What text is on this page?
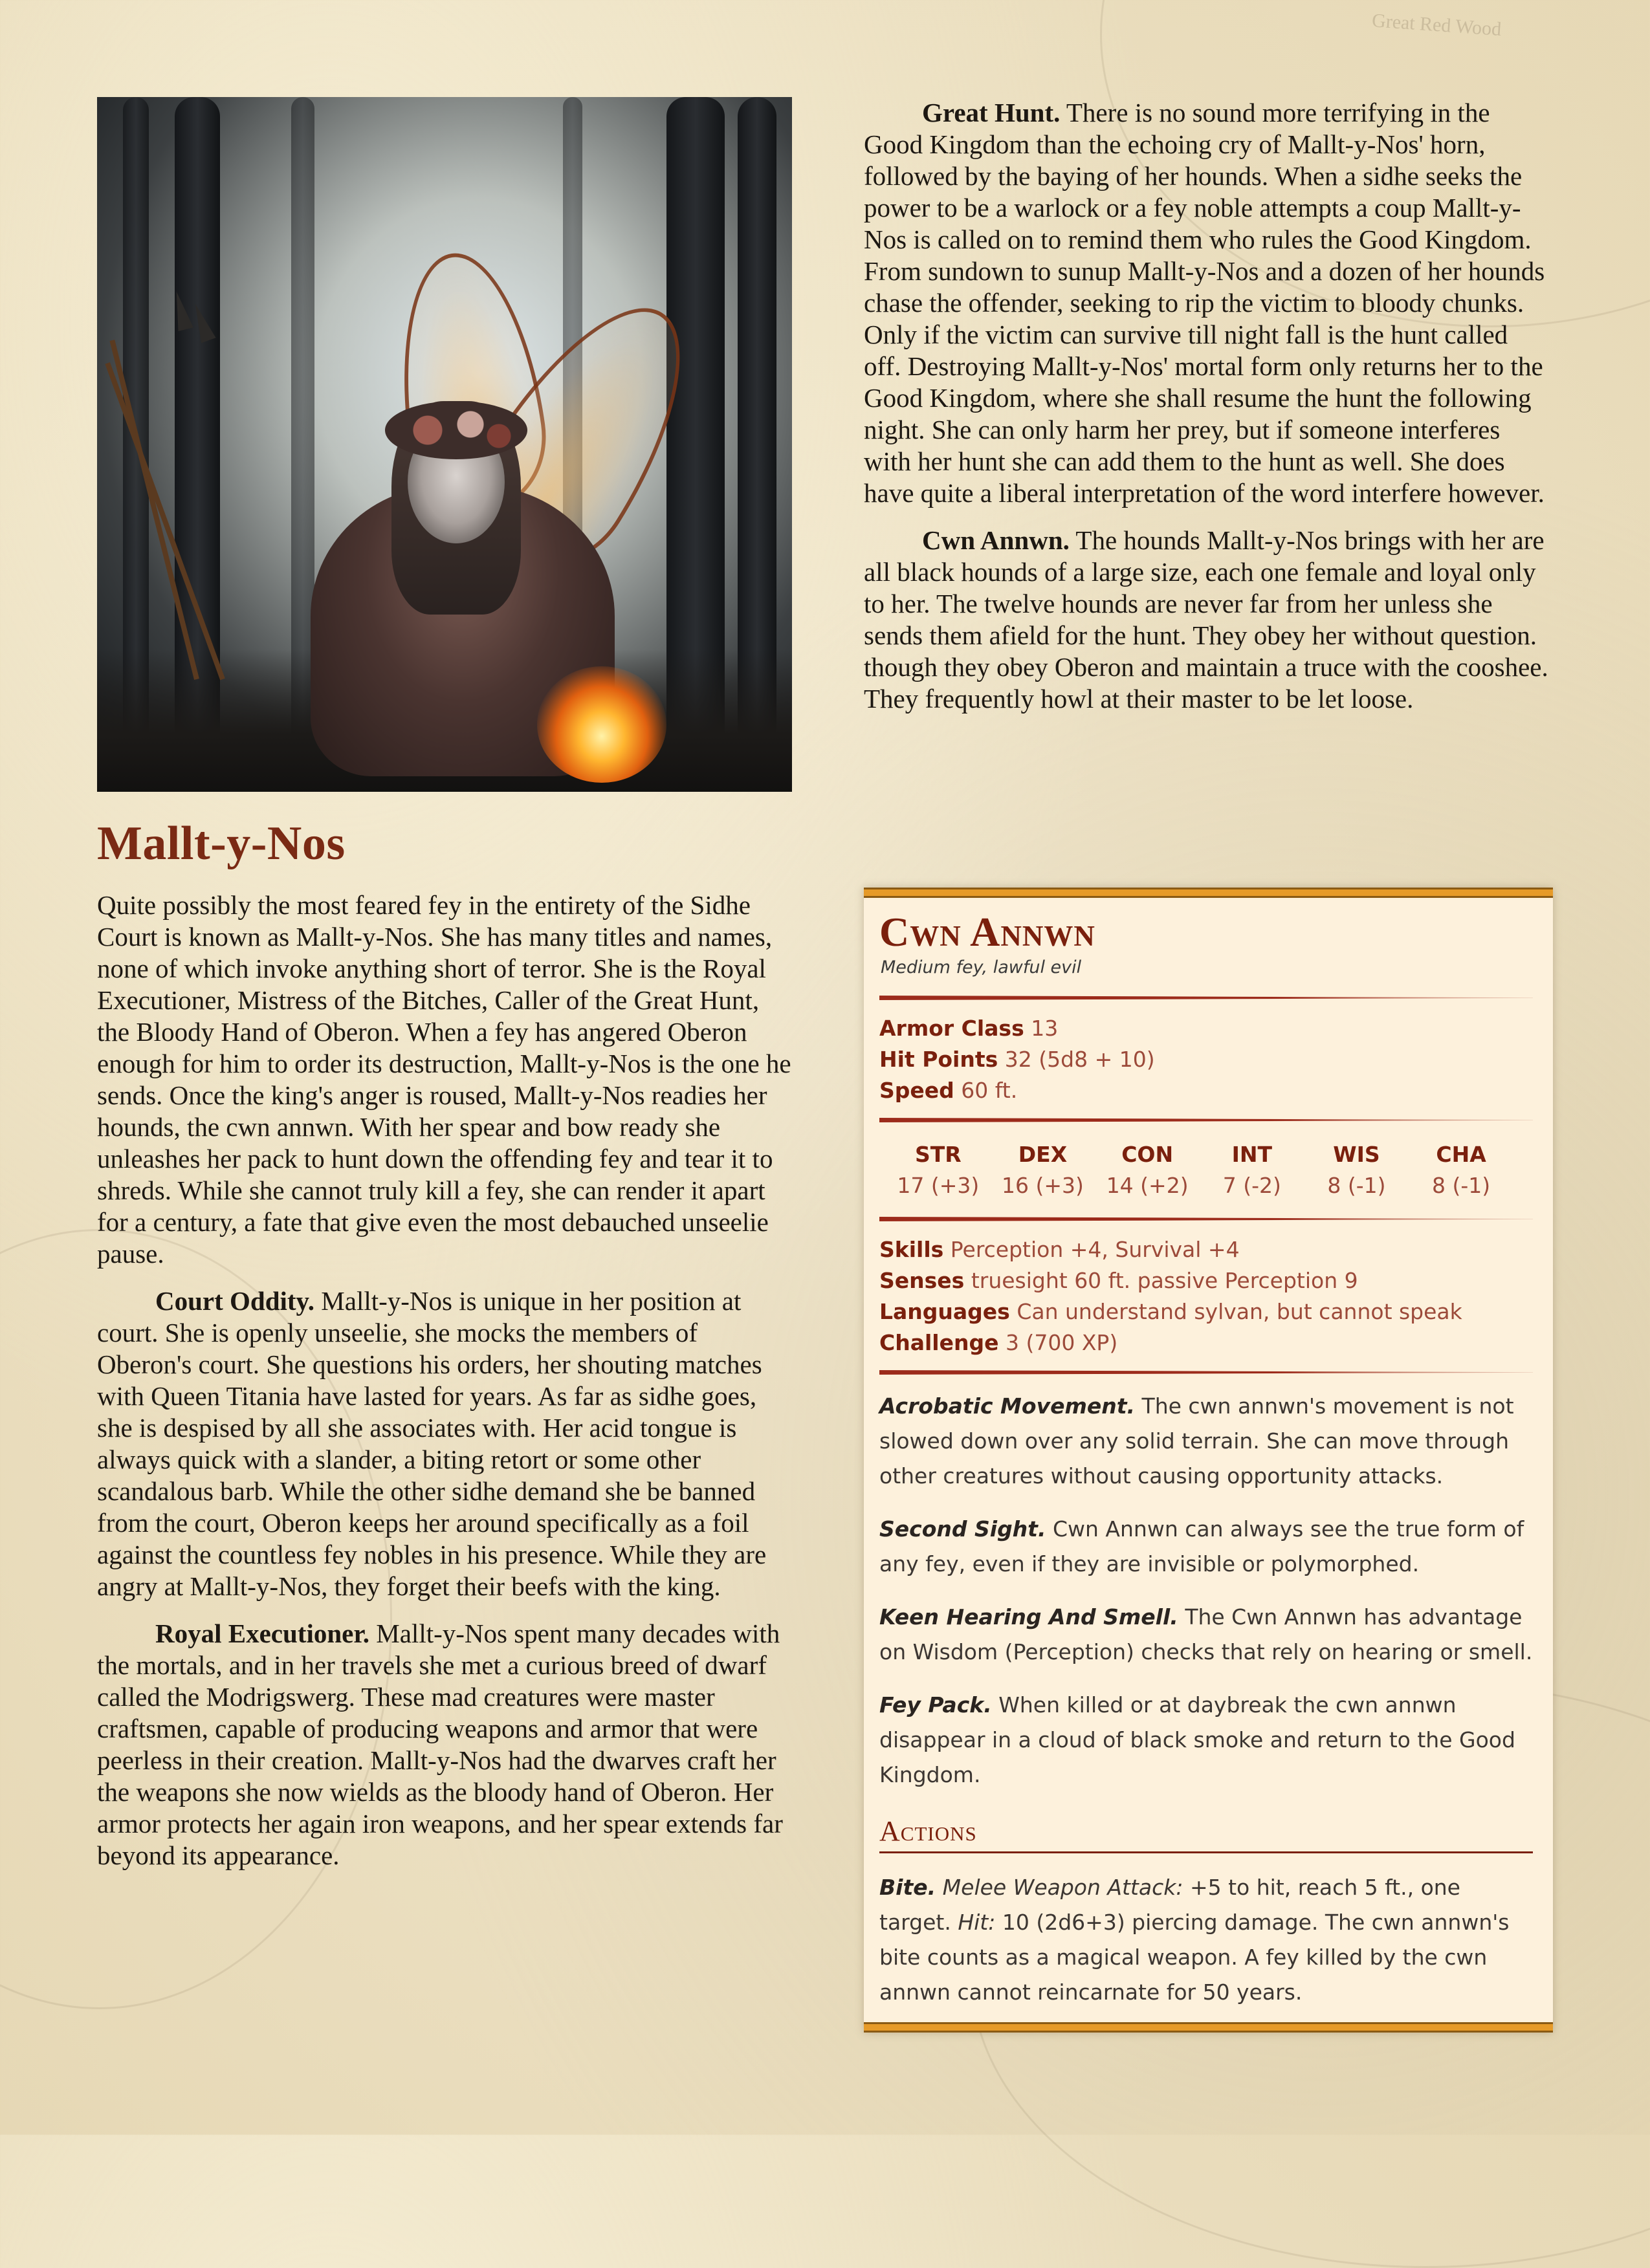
Mallt-y-Nos

Quite possibly the most feared fey in the entirety of the Sidhe Court is known as Mallt-y-Nos. She has many titles and names, none of which invoke anything short of terror. She is the Royal Executioner, Mistress of the Bitches, Caller of the Great Hunt, the Bloody Hand of Oberon. When a fey has angered Oberon enough for him to order its destruction, Mallt-y-Nos is the one he sends. Once the king's anger is roused, Mallt-y-Nos readies her hounds, the cwn annwn. With her spear and bow ready she unleashes her pack to hunt down the offending fey and tear it to shreds. While she cannot truly kill a fey, she can render it apart for a century, a fate that give even the most debauched unseelie pause.

Court Oddity. Mallt-y-Nos is unique in her position at court. She is openly unseelie, she mocks the members of Oberon's court. She questions his orders, her shouting matches with Queen Titania have lasted for years. As far as sidhe goes, she is despised by all she associates with. Her acid tongue is always quick with a slander, a biting retort or some other scandalous barb. While the other sidhe demand she be banned from the court, Oberon keeps her around specifically as a foil against the countless fey nobles in his presence. While they are angry at Mallt-y-Nos, they forget their beefs with the king.

Royal Executioner. Mallt-y-Nos spent many decades with the mortals, and in her travels she met a curious breed of dwarf called the Modrigswerg. These mad creatures were master craftsmen, capable of producing weapons and armor that were peerless in their creation. Mallt-y-Nos had the dwarves craft her the weapons she now wields as the bloody hand of Oberon. Her armor protects her again iron weapons, and her spear extends far beyond its appearance.

Great Hunt. There is no sound more terrifying in the Good Kingdom than the echoing cry of Mallt-y-Nos' horn, followed by the baying of her hounds. When a sidhe seeks the power to be a warlock or a fey noble attempts a coup Mallt-y-Nos is called on to remind them who rules the Good Kingdom. From sundown to sunup Mallt-y-Nos and a dozen of her hounds chase the offender, seeking to rip the victim to bloody chunks. Only if the victim can survive till night fall is the hunt called off. Destroying Mallt-y-Nos' mortal form only returns her to the Good Kingdom, where she shall resume the hunt the following night. She can only harm her prey, but if someone interferes with her hunt she can add them to the hunt as well. She does have quite a liberal interpretation of the word interfere however.

Cwn Annwn. The hounds Mallt-y-Nos brings with her are all black hounds of a large size, each one female and loyal only to her. The twelve hounds are never far from her unless she sends them afield for the hunt. They obey her without question. though they obey Oberon and maintain a truce with the cooshee. They frequently howl at their master to be let loose.

Cwn Annwn

Medium fey, lawful evil

Armor Class 13
Hit Points 32 (5d8 + 10)
Speed 60 ft.
STR
17 (+3)
DEX
16 (+3)
CON
14 (+2)
INT
7 (-2)
WIS
8 (-1)
CHA
8 (-1)
Skills Perception +4, Survival +4
Senses truesight 60 ft. passive Perception 9
Languages Can understand sylvan, but cannot speak
Challenge 3 (700 XP)

Acrobatic Movement. The cwn annwn's movement is not slowed down over any solid terrain. She can move through other creatures without causing opportunity attacks.

Second Sight. Cwn Annwn can always see the true form of any fey, even if they are invisible or polymorphed.

Keen Hearing And Smell. The Cwn Annwn has advantage on Wisdom (Perception) checks that rely on hearing or smell.

Fey Pack. When killed or at daybreak the cwn annwn disappear in a cloud of black smoke and return to the Good Kingdom.

Actions

Bite. Melee Weapon Attack: +5 to hit, reach 5 ft., one target. Hit: 10 (2d6+3) piercing damage. The cwn annwn's bite counts as a magical weapon. A fey killed by the cwn annwn cannot reincarnate for 50 years.

Great Red Wood
